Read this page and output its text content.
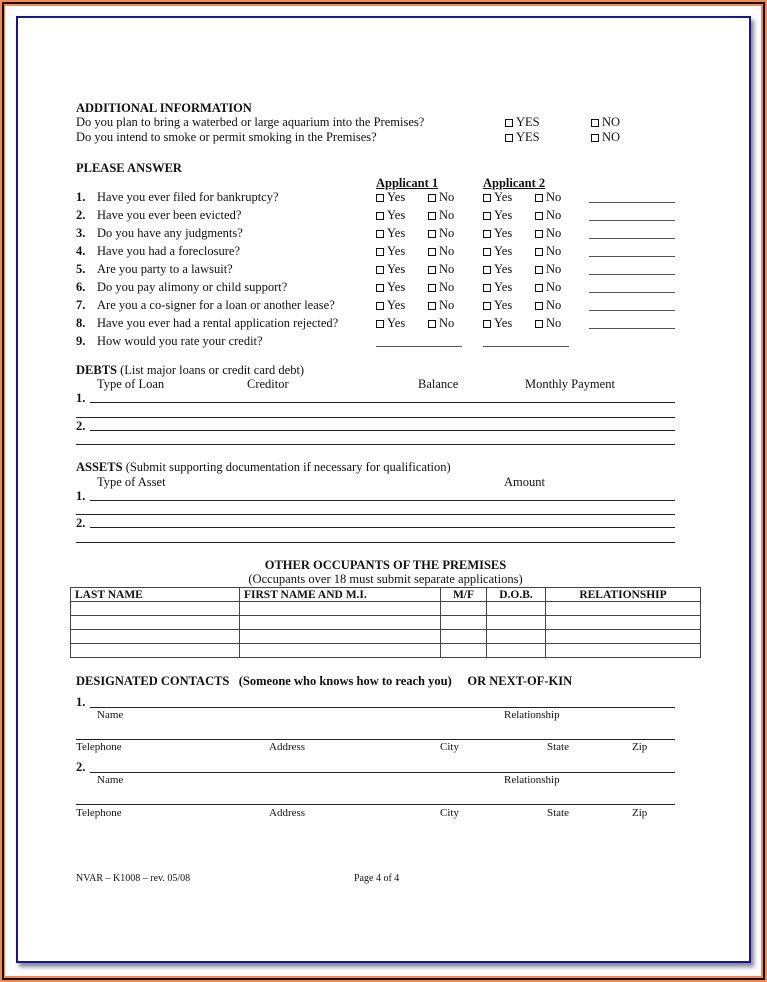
ADDITIONAL INFORMATION
Do you plan to bring a waterbed or large aquarium into the Premises?	YES	NO
Do you intend to smoke or permit smoking in the Premises?	YES	NO
PLEASE ANSWER
Applicant 1	Applicant 2
1. Have you ever filed for bankruptcy?	Yes	No	Yes	No
2. Have you ever been evicted?	Yes	No	Yes	No
3. Do you have any judgments?	Yes	No	Yes	No
4. Have you had a foreclosure?	Yes	No	Yes	No
5. Are you party to a lawsuit?	Yes	No	Yes	No
6. Do you pay alimony or child support?	Yes	No	Yes	No
7. Are you a co-signer for a loan or another lease?	Yes	No	Yes	No
8. Have you ever had a rental application rejected?	Yes	No	Yes	No
9. How would you rate your credit?
DEBTS (List major loans or credit card debt)
Type of Loan	Creditor	Balance	Monthly Payment
1.
2.
ASSETS (Submit supporting documentation if necessary for qualification)
Type of Asset	Amount
1.
2.
OTHER OCCUPANTS OF THE PREMISES
(Occupants over 18 must submit separate applications)
LAST NAME	FIRST NAME AND M.I.	M/F	D.O.B.	RELATIONSHIP

DESIGNATED CONTACTS (Someone who knows how to reach you) OR NEXT-OF-KIN
1.
Name	Relationship
Telephone	Address	City	State	Zip
2.
Name	Relationship
Telephone	Address	City	State	Zip
NVAR – K1008 – rev. 05/08	Page 4 of 4
